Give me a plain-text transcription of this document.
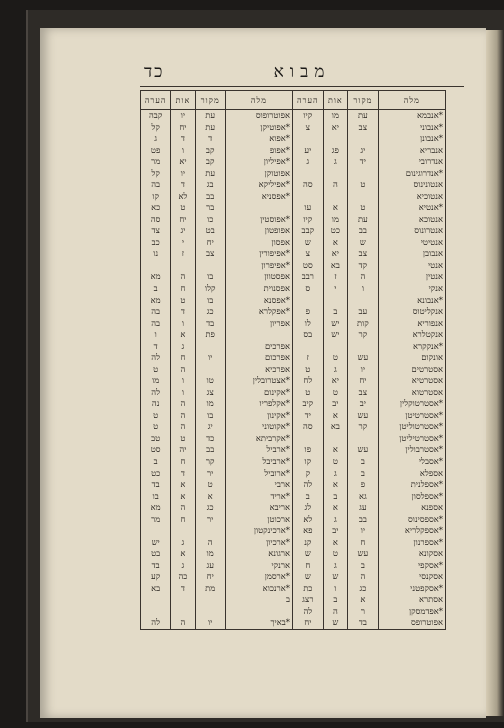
מבוא
כד
מלה	מקור	אות	הערה
*אנבמא	עת	מו	קיו
*אנבוני	צב	יא	צ
*אנבונן			
אנבריא	יג	פג	יע
אנדרובי	יד	ג	ג
*אנדרוגינום			
אנטונינוס	ט	ה	סה
אנטוכיא			
*אנטיא	ט	א	עו
אנטוכא	עת	מו	קיו
אנטרונוס	בב	כט	קבב
אנטיטי	ש	א	ש
אנבובן	צב	יא	צ
אנטי	קד	בא	סט
אנטין	ה	ז	רבב
אנקי	ו	י	ס
*אנבונא			
אנקליטוס	עב	ב	פ
אנפוריא	קות	יש	לו
אנקטלרא	קר	יש	בס
*אנקקרא			
אונקום	עש	ט	ז
אסטרטים	יו	ג	ט
אסטרטיא	יח	יא	לח
אסטרטוא	צב	ט	ט
*אסטרטוקלין	יב	יב	קיב
*אסטרטיטן	עש	א	יד
*אסטרטוליטן	קר	בא	סה
*אסטרטיליטן			
*אסטרבולין	עש	א	פו
*אסבלי	ב	ט	קו
אספלא	ב	ג	ק
*אספלנית	פ	א	לה
*אספלסון	גא	ב	ב
אספנא	עג	א	לג
*אספסינוס	בב	ג	לא
*אספקלריא	יו	יב	פא
*אספרנון	ח	א	קנ
אסקונא	עש	ט	ש
*אסקפי	ב	ג	ח
אסקנסי	ה	ש	ש
*אסקפטני	כג	ו	כת
אסתרא	א	ב	רצג
*אפדמסקן	ר	ה	לה
אפוטרופס	בד	ש	יח
מלה	מקור	אות	הערה
אפוטרופוס	עת	יו	קבה
*אפוטיקן	עת	יח	קל
*אפוא	ד	ד	ג
*אפופ	קב	ו	פט
*אפיליון	קב	יא	מר
אפוטוקן	עת	יו	קל
*אפיליקא	בג	ד	בה
*אפסניא	בב	לא	קו
	בר	ט	כא
*אפוסטין	כו	יח	סה
אפופטון	בט	יג	צד
אפסון	יח	י	כב
*אפיפורין	צב	ז	נו
*אפיפרון			
אפסטוון	בו	ה	מא
אפסנוית	קלו	ח	ב
*אפסנא	בו	ט	מא
*אפקלרא	כג	ד	בה
אפריון	בד	ו	בה
	פת	א	ו
אפרכים		ג	ד
אפרכום	יו	ח	לה
אפרכיא		ה	ט
*אצטרובלין	טו	ו	מו
*אקינום	צג	ו	לה
*אקלפריו	מו	ה	נה
*אקינון	בו	ה	ט
*אקוטוני	יג	ה	ט
*אקרביתא	כד	ט	טב
*ארביל	בב	יה	סט
*ארביבל	קר	ח	ב
*ארוביל	יר	ד	כט
ארבי	ט	א	בד
*אריד	א	א	בו
אריבא	כג	ה	מא
ארכוטן	יר	ח	מר
*ארכינקטון			
*ארכיון	ה	ג	יש
ארגונא	מו	א	בט
ארנקי	עג	ג	בד
*ארסמן	יח	כה	קע
*ארנכוא	מת	ד	בא
ב			

*באיך	יו	ה	לה
